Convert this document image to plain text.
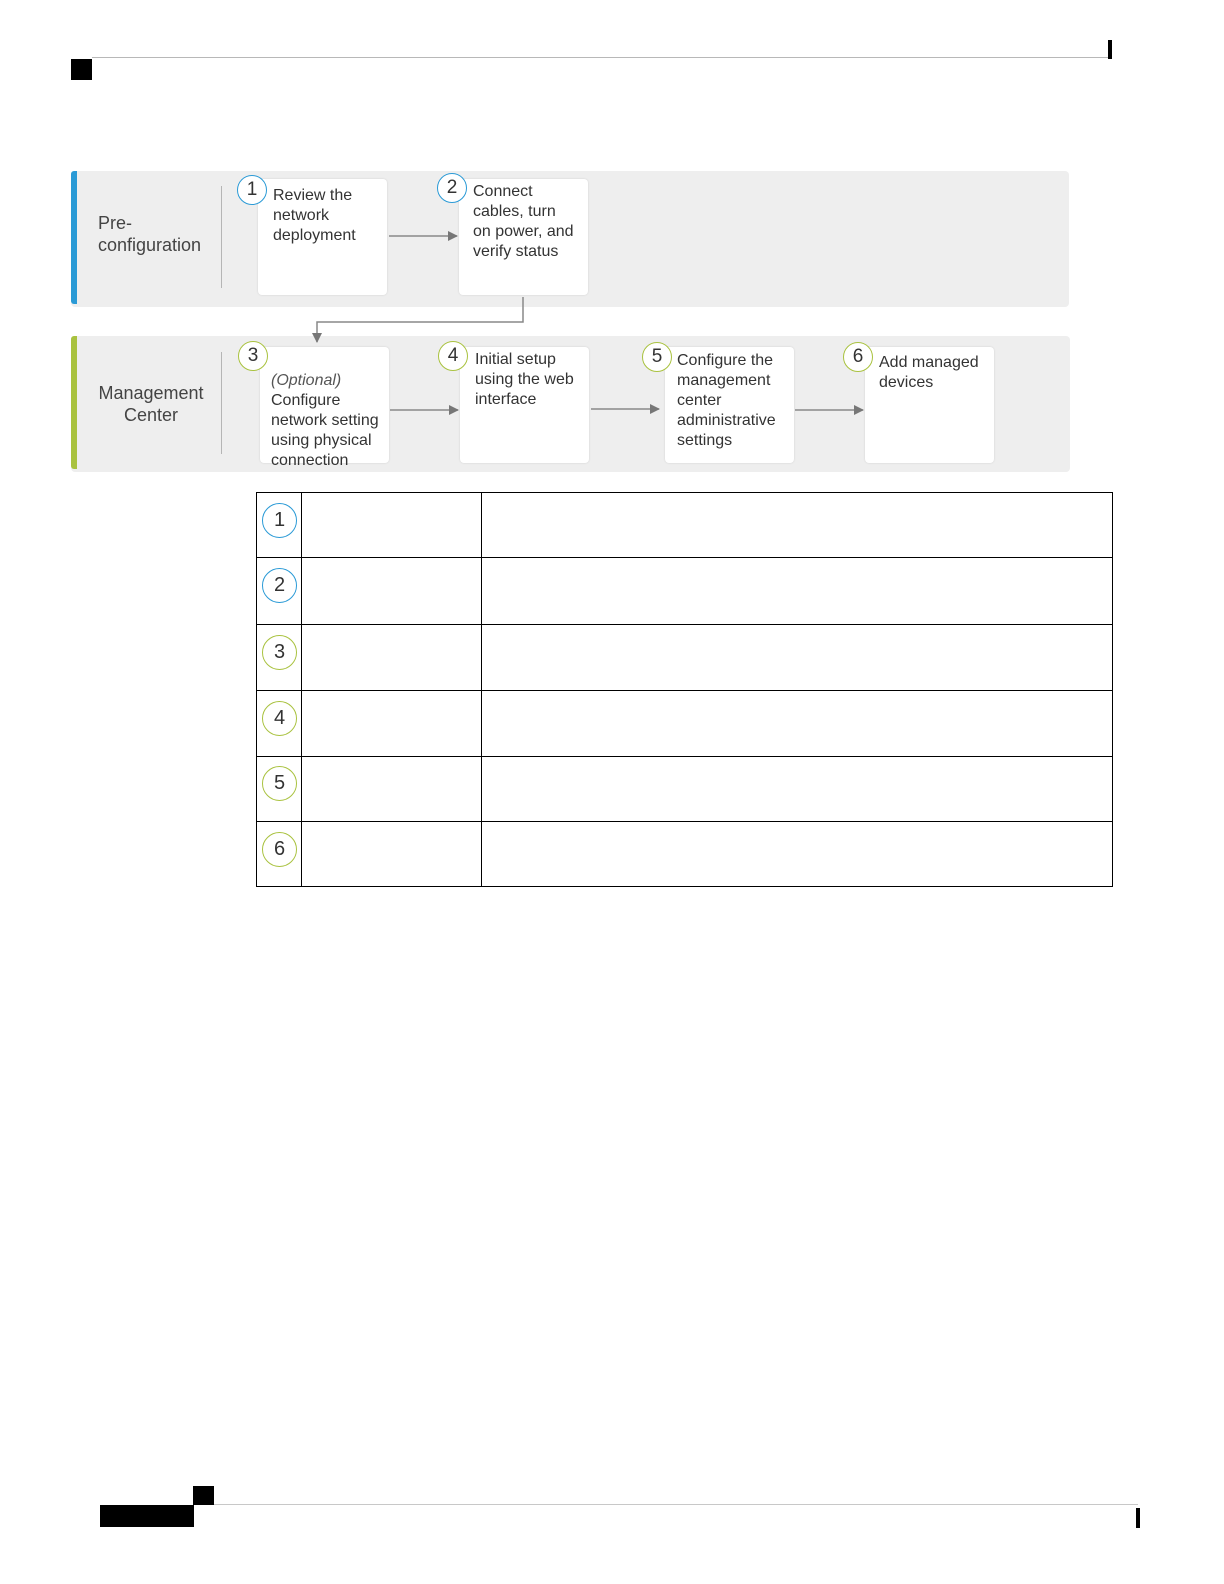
Pre-
configuration
Management
Center
Review the
network
deployment
Connect
cables, turn
on power, and
verify status

(Optional)
Configure
network setting
using physical
connection

Initial setup
using the web
interface
Configure the
management
center
administrative
settings
Add managed
devices
1	2
3	4	5	6
1		

2		

3		

4		

5		

6		
